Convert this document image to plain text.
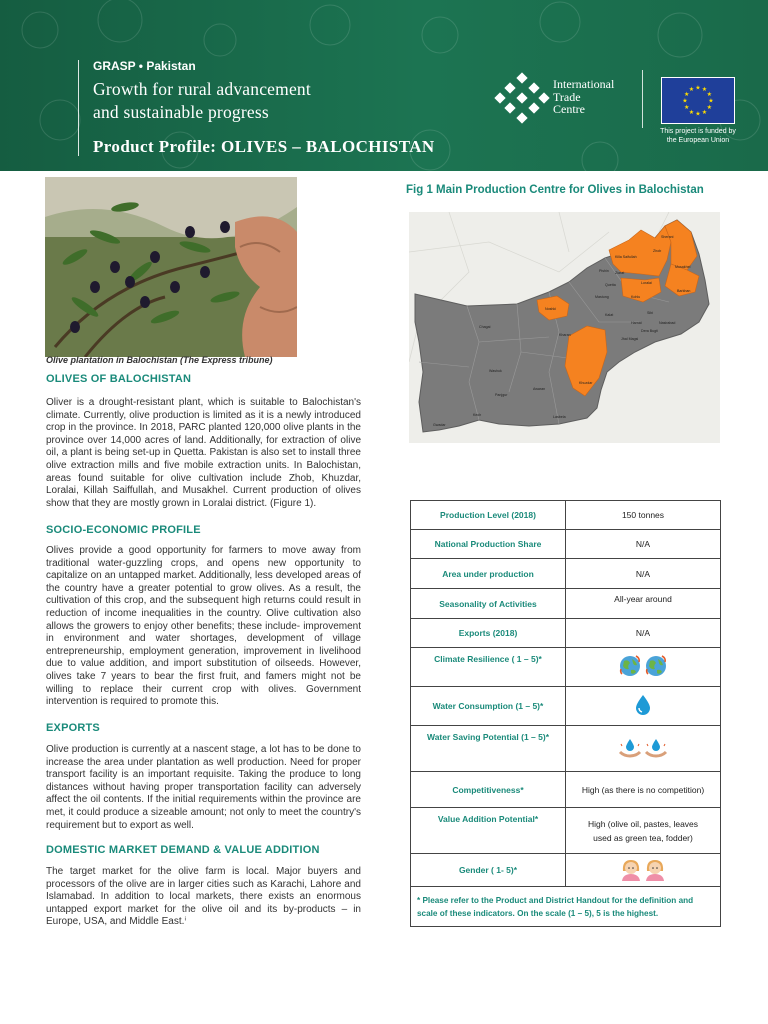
GRASP • Pakistan
Growth for rural advancement
and sustainable progress
Product Profile: OLIVES – BALOCHISTAN
International
Trade
Centre
★ ★
★
★
★
★
★
★
★
★
★
★
This project is funded by
the European Union
Olive plantation in Balochistan (The Express tribune)
OLIVES OF BALOCHISTAN
Oliver is a drought-resistant plant, which is suitable to Balochistan's climate. Currently, olive production is limited as it is a newly introduced crop in the province. In 2018, PARC planted 120,000 olive plants in the province over 14,000 acres of land. Additionally, for extraction of olive oil, a plant is being set-up in Quetta. Pakistan is also set to install three olive extraction mills and five mobile extraction units. In Balochistan, areas found suitable for olive cultivation include Zhob, Khuzdar, Loralai, Killah Saiffullah, and Musakhel. Current production of olives show that they are mostly grown in Loralai district. (Figure 1).
SOCIO-ECONOMIC PROFILE
Olives provide a good opportunity for farmers to move away from traditional water-guzzling crops, and opens new opportunity to capitalize on an untapped market. Additionally, less developed areas of the country have a greater potential to grow olives. As a result, the cultivation of this crop, and the subsequent high returns could result in reduction of income inequalities in the country. Olive cultivation also allows the growers to enjoy other benefits; these include- improvement in environment and water shortages, development of village entrepreneurship, employment generation, improvement in livelihood due to value addition, and import substitution of oilseeds. However, olives take 7 years to bear the first fruit, and famers might not be willing to replace their current crop with olives. Government intervention is required to promote this.
EXPORTS
Olive production is currently at a nascent stage, a lot has to be done to increase the area under plantation as well production. Need for proper transport facility is an important requisite. Taking the produce to long distances without having proper transportation facility can adversely affect the oil contents. If the initial requirements within the province are met, it could produce a sizeable amount; not only to meet the country's requirement but to export as well.
DOMESTIC MARKET DEMAND & VALUE ADDITION
The target market for the olive farm is local. Major buyers and processors of the olive are in larger cities such as Karachi, Lahore and Islamabad. In addition to local markets, there exists an enormous untapped export market for the olive oil and its by-products – in Europe, USA, and Middle East.ⁱ
Fig 1 Main Production Centre for Olives in Balochistan
Sherani
Zhob
Musakhel
Killa Saifullah
Loralai
Barkhan
Pishin
Quetta
Mastung
Kalat	Sibi
Kohlu
Dera Bugti
Nasirabad
Chagai
Kharan
Washuk
Khuzdar
Awaran
Panjgur
Kech	Lasbela
Gwadar
Noshki
Ziarat
Harnai
Jhal Magsi
Production Level (2018)	150 tonnes
National Production Share	N/A
Area under production	N/A
Seasonality of Activities	All-year around
Exports (2018)	N/A
Climate Resilience ( 1 – 5)*	

Water Consumption (1 – 5)*	

Water Saving Potential (1 – 5)*	

Competitiveness*	High (as there is no competition)
Value Addition Potential*	High (olive oil, pastes, leaves
used as green tea, fodder)

Gender ( 1- 5)*	

* Please refer to the Product and District Handout for the definition and
scale of these indicators. On the scale (1 – 5), 5 is the highest.	
